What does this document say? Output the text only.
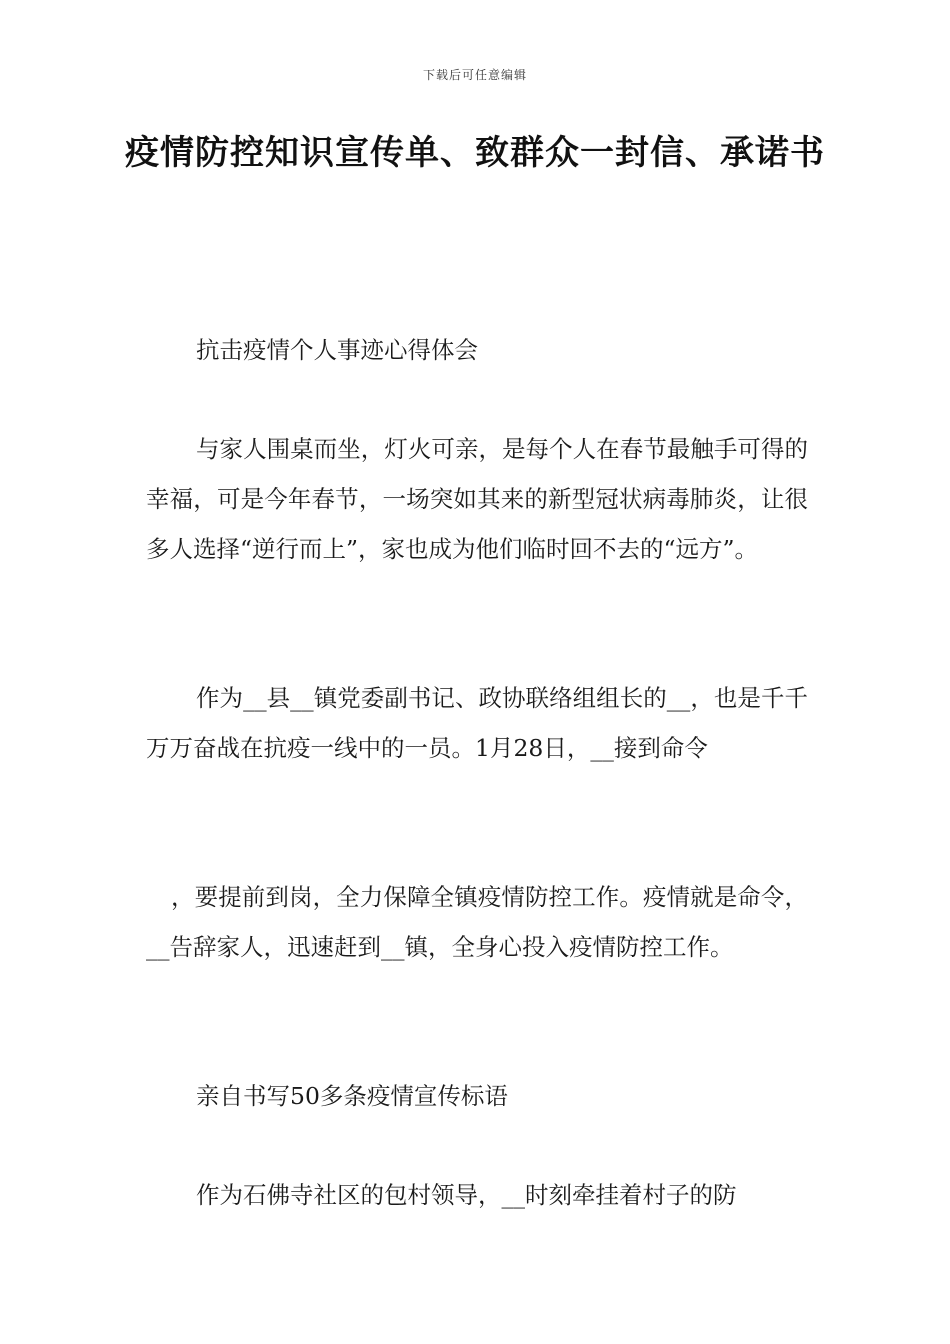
下载后可任意编辑
疫情防控知识宣传单、致群众一封信、承诺书
抗击疫情个人事迹心得体会
与家人围桌而坐，灯火可亲，是每个人在春节最触手可得的幸福，可是今年春节，一场突如其来的新型冠状病毒肺炎，让很多人选择“逆行而上”，家也成为他们临时回不去的“远方”。
作为__县__镇党委副书记、政协联络组组长的__，也是千千万万奋战在抗疫一线中的一员。1月28日，__接到命令
，要提前到岗，全力保障全镇疫情防控工作。疫情就是命令，__告辞家人，迅速赶到__镇，全身心投入疫情防控工作。
亲自书写50多条疫情宣传标语
作为石佛寺社区的包村领导，__时刻牵挂着村子的防
